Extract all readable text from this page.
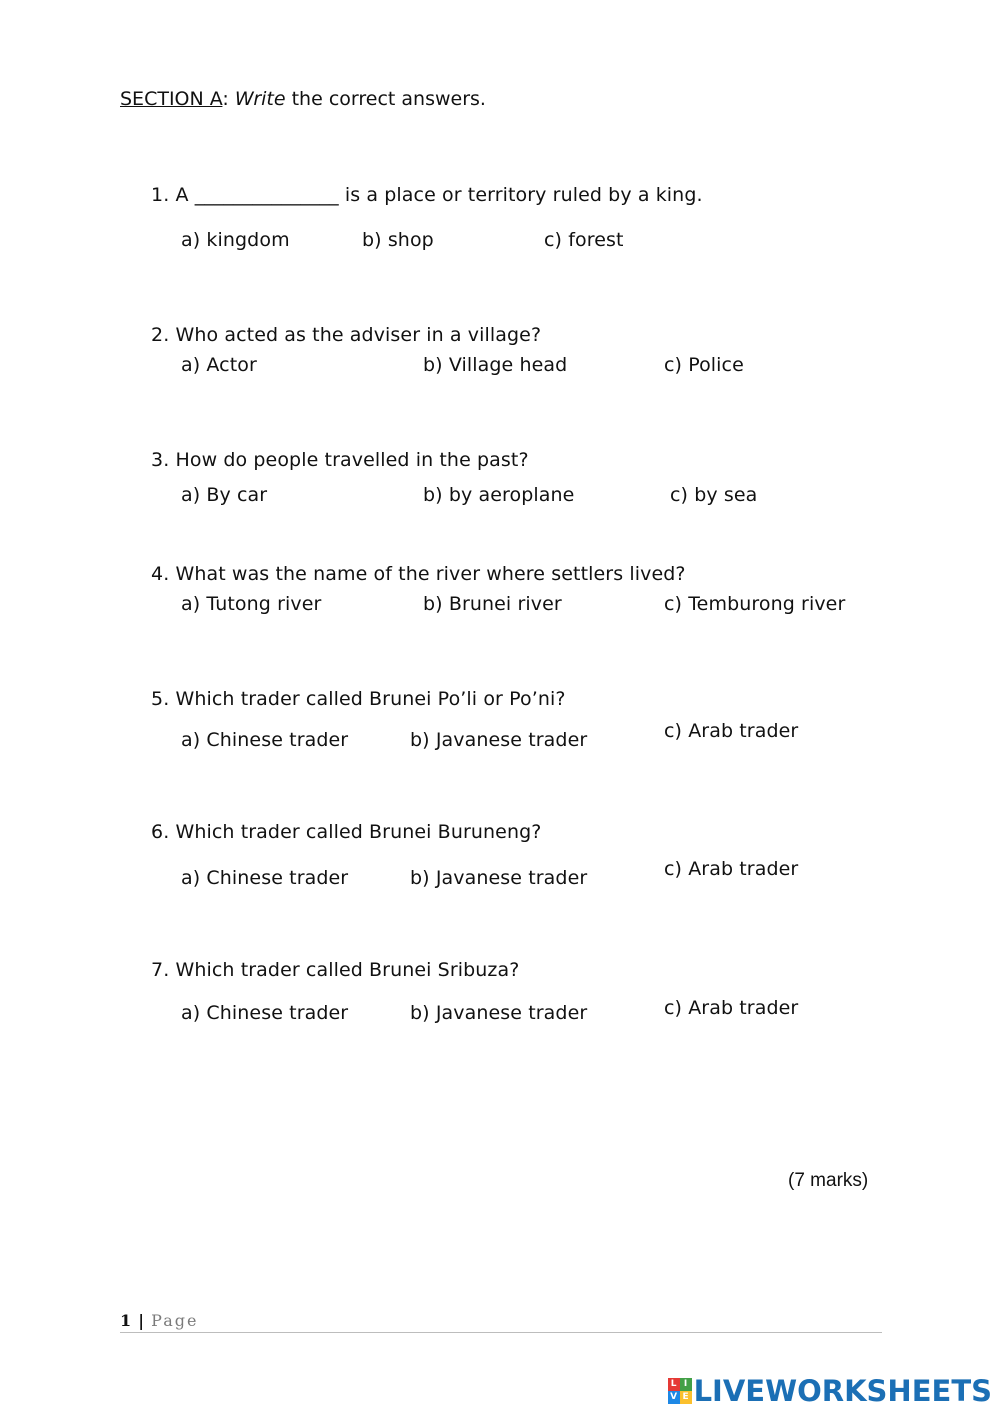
SECTION A: Write the correct answers.
1. A _______________ is a place or territory ruled by a king.
a) kingdom	b) shop	c) forest
2. Who acted as the adviser in a village?
a) Actor	b) Village head	c) Police
3. How do people travelled in the past?
a) By car	b) by aeroplane	c) by sea
4. What was the name of the river where settlers lived?
a) Tutong river	b) Brunei river	c) Temburong river
5. Which trader called Brunei Po’li or Po’ni?
a) Chinese trader	b) Javanese trader	c) Arab trader
6. Which trader called Brunei Buruneng?
a) Chinese trader	b) Javanese trader	c) Arab trader
7. Which trader called Brunei Sribuza?
a) Chinese trader	b) Javanese trader	c) Arab trader
(7 marks)
1 | Page
L I
V E LIVEWORKSHEETS
